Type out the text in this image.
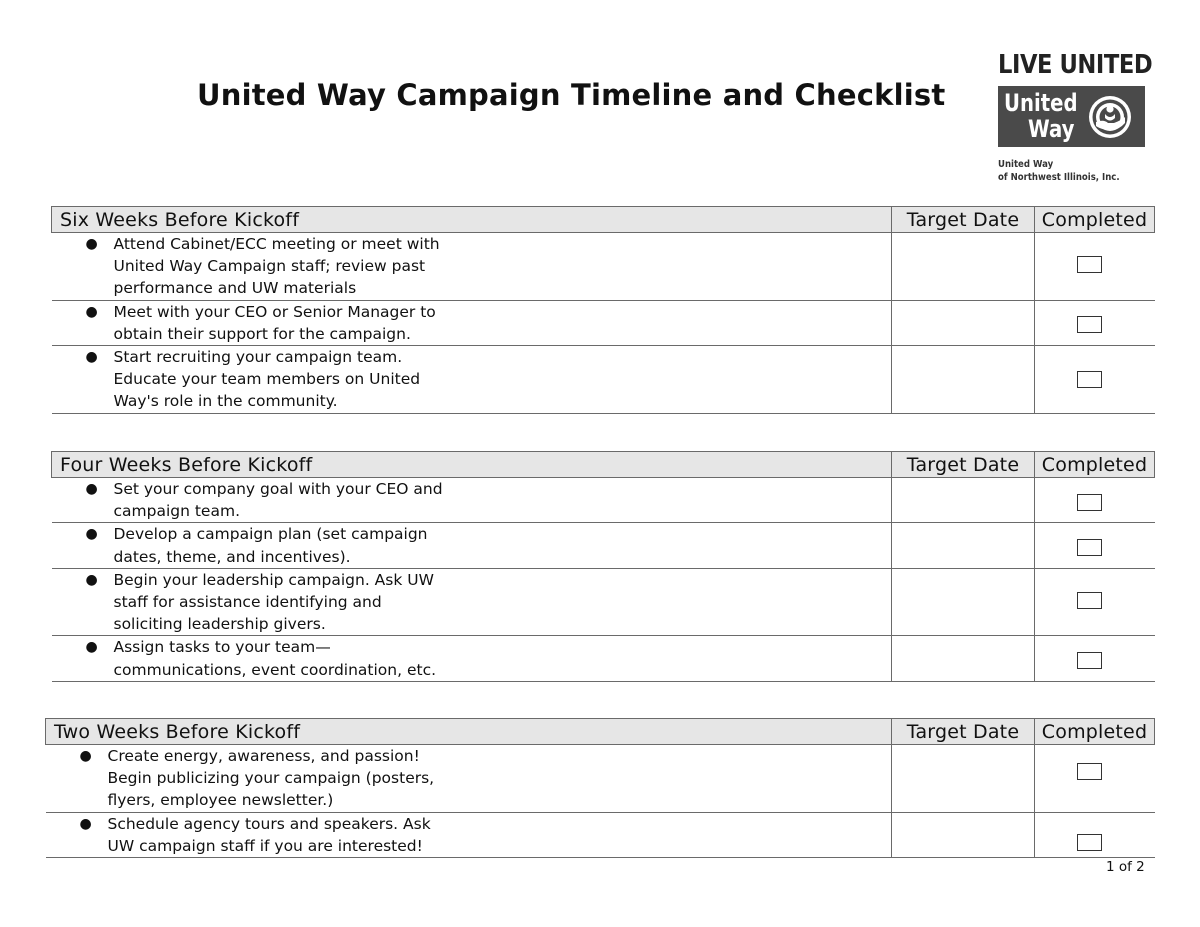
United Way Campaign Timeline and Checklist
LIVE UNITED
United
Way
United Way
of Northwest Illinois, Inc.
Six Weeks Before Kickoff	Target Date	Completed

● Attend Cabinet/ECC meeting or meet with United Way Campaign staff; review past performance and UW materials		

● Meet with your CEO or Senior Manager to obtain their support for the campaign.		

● Start recruiting your campaign team. Educate your team members on United Way's role in the community.		

Four Weeks Before Kickoff	Target Date	Completed

● Set your company goal with your CEO and campaign team.		

● Develop a campaign plan (set campaign dates, theme, and incentives).		

● Begin your leadership campaign. Ask UW staff for assistance identifying and soliciting leadership givers.		

● Assign tasks to your team—communications, event coordination, etc.		

Two Weeks Before Kickoff	Target Date	Completed

● Create energy, awareness, and passion! Begin publicizing your campaign (posters, flyers, employee newsletter.)		

● Schedule agency tours and speakers. Ask UW campaign staff if you are interested!		

1 of 2
